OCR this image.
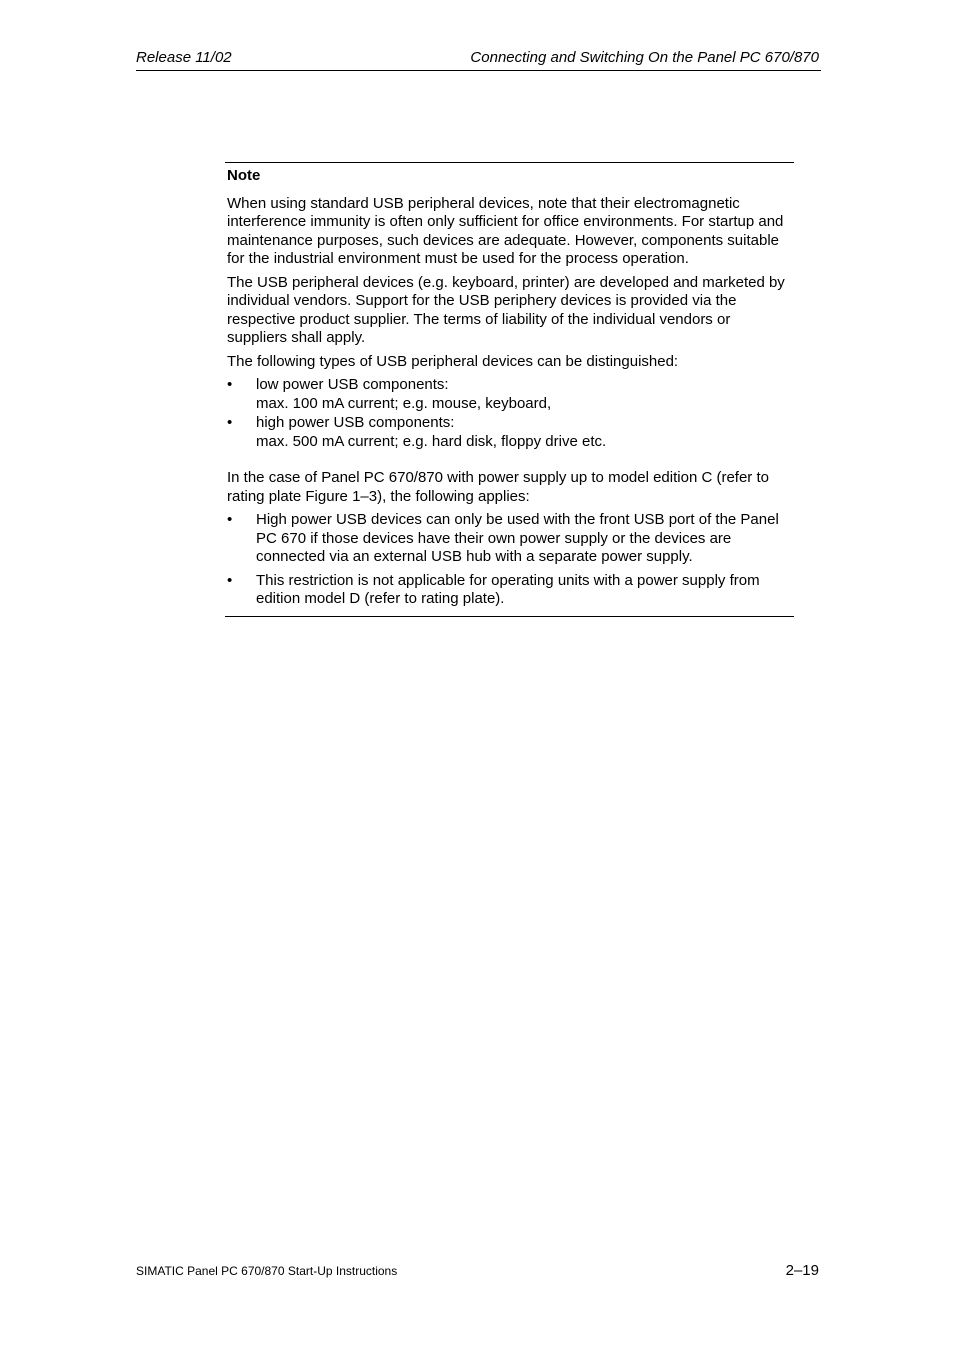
Release 11/02	Connecting and Switching On the Panel PC 670/870
Note

When using standard USB peripheral devices, note that their electromagnetic interference immunity is often only sufficient for office environments. For startup and maintenance purposes, such devices are adequate. However, components suitable for the industrial environment must be used for the process operation.

The USB peripheral devices (e.g. keyboard, printer) are developed and marketed by individual vendors. Support for the USB periphery devices is provided via the respective product supplier. The terms of liability of the individual vendors or suppliers shall apply.

The following types of USB peripheral devices can be distinguished:

• low power USB components:
max. 100 mA current; e.g. mouse, keyboard,
• high power USB components:
max. 500 mA current; e.g. hard disk, floppy drive etc.

In the case of Panel PC 670/870 with power supply up to model edition C (refer to rating plate Figure 1–3), the following applies:

• High power USB devices can only be used with the front USB port of the Panel PC 670 if those devices have their own power supply or the devices are connected via an external USB hub with a separate power supply.
• This restriction is not applicable for operating units with a power supply from edition model D (refer to rating plate).
SIMATIC Panel PC 670/870 Start-Up Instructions	2–19
